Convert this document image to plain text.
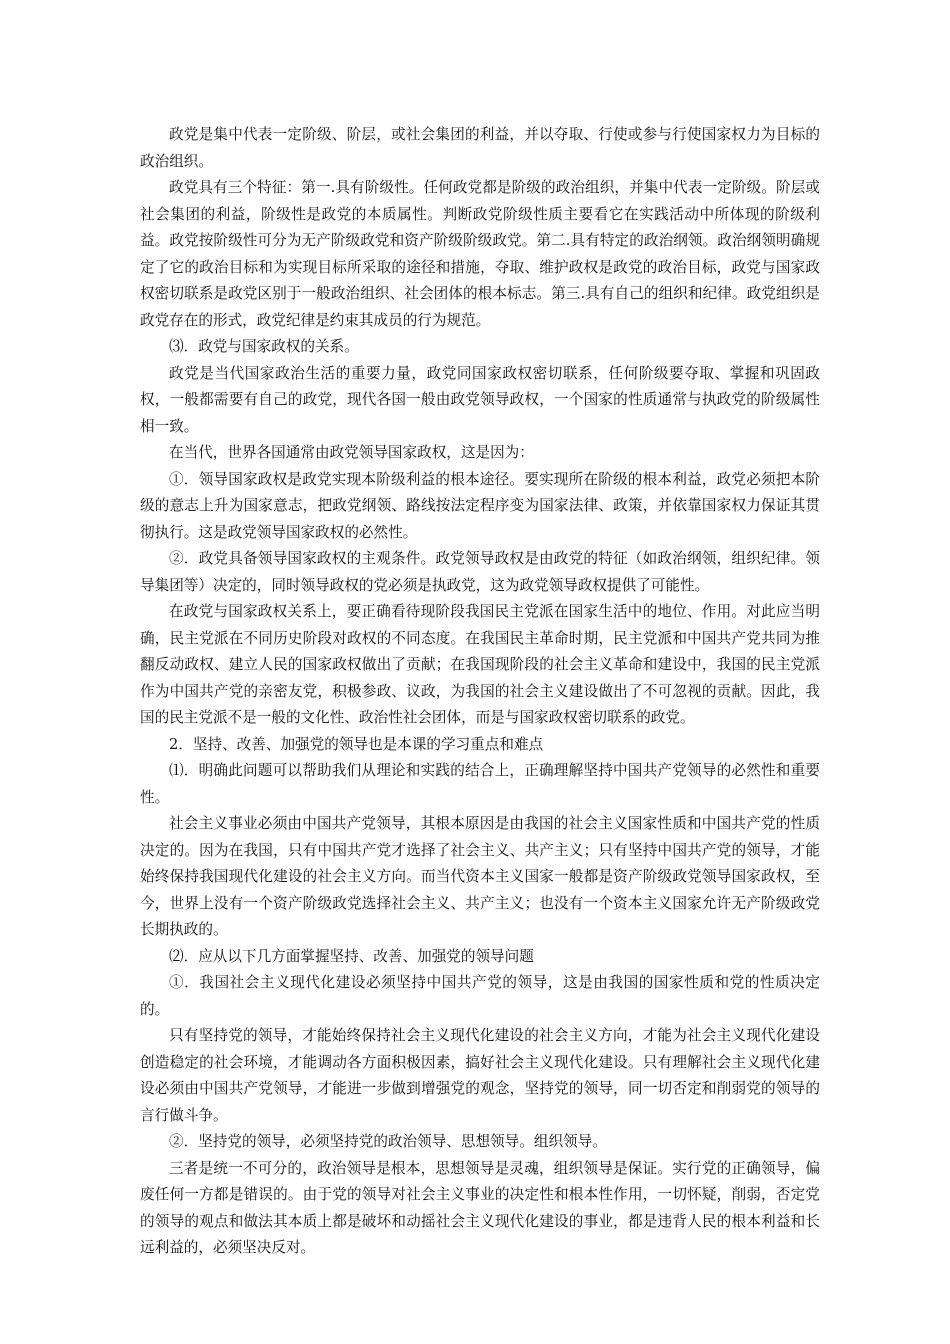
政党是集中代表一定阶级、阶层，或社会集团的利益，并以夺取、行使或参与行使国家权力为目标的政治组织。

政党具有三个特征：第一.具有阶级性。任何政党都是阶级的政治组织，并集中代表一定阶级。阶层或社会集团的利益，阶级性是政党的本质属性。判断政党阶级性质主要看它在实践活动中所体现的阶级利益。政党按阶级性可分为无产阶级政党和资产阶级阶级政党。第二.具有特定的政治纲领。政治纲领明确规定了它的政治目标和为实现目标所采取的途径和措施，夺取、维护政权是政党的政治目标，政党与国家政权密切联系是政党区别于一般政治组织、社会团体的根本标志。第三.具有自己的组织和纪律。政党组织是政党存在的形式，政党纪律是约束其成员的行为规范。

⑶．政党与国家政权的关系。

政党是当代国家政治生活的重要力量，政党同国家政权密切联系，任何阶级要夺取、掌握和巩固政权，一般都需要有自己的政党，现代各国一般由政党领导政权，一个国家的性质通常与执政党的阶级属性相一致。

在当代，世界各国通常由政党领导国家政权，这是因为：

①．领导国家政权是政党实现本阶级利益的根本途径。要实现所在阶级的根本利益，政党必须把本阶级的意志上升为国家意志，把政党纲领、路线按法定程序变为国家法律、政策，并依靠国家权力保证其贯彻执行。这是政党领导国家政权的必然性。

②．政党具备领导国家政权的主观条件。政党领导政权是由政党的特征（如政治纲领，组织纪律。领导集团等）决定的，同时领导政权的党必须是执政党，这为政党领导政权提供了可能性。

在政党与国家政权关系上，要正确看待现阶段我国民主党派在国家生活中的地位、作用。对此应当明确，民主党派在不同历史阶段对政权的不同态度。在我国民主革命时期，民主党派和中国共产党共同为推翻反动政权、建立人民的国家政权做出了贡献；在我国现阶段的社会主义革命和建设中，我国的民主党派作为中国共产党的亲密友党，积极参政、议政，为我国的社会主义建设做出了不可忽视的贡献。因此，我国的民主党派不是一般的文化性、政治性社会团体，而是与国家政权密切联系的政党。

2．坚持、改善、加强党的领导也是本课的学习重点和难点

⑴．明确此问题可以帮助我们从理论和实践的结合上，正确理解坚持中国共产党领导的必然性和重要性。

社会主义事业必须由中国共产党领导，其根本原因是由我国的社会主义国家性质和中国共产党的性质决定的。因为在我国，只有中国共产党才选择了社会主义、共产主义；只有坚持中国共产党的领导，才能始终保持我国现代化建设的社会主义方向。而当代资本主义国家一般都是资产阶级政党领导国家政权，至今，世界上没有一个资产阶级政党选择社会主义、共产主义；也没有一个资本主义国家允许无产阶级政党长期执政的。

⑵．应从以下几方面掌握坚持、改善、加强党的领导问题

①．我国社会主义现代化建设必须坚持中国共产党的领导，这是由我国的国家性质和党的性质决定的。

只有坚持党的领导，才能始终保持社会主义现代化建设的社会主义方向，才能为社会主义现代化建设创造稳定的社会环境，才能调动各方面积极因素，搞好社会主义现代化建设。只有理解社会主义现代化建设必须由中国共产党领导，才能进一步做到增强党的观念，坚持党的领导，同一切否定和削弱党的领导的言行做斗争。

②．坚持党的领导，必须坚持党的政治领导、思想领导。组织领导。

三者是统一不可分的，政治领导是根本，思想领导是灵魂，组织领导是保证。实行党的正确领导，偏废任何一方都是错误的。由于党的领导对社会主义事业的决定性和根本性作用，一切怀疑，削弱，否定党的领导的观点和做法其本质上都是破坏和动摇社会主义现代化建设的事业，都是违背人民的根本利益和长远利益的，必须坚决反对。
